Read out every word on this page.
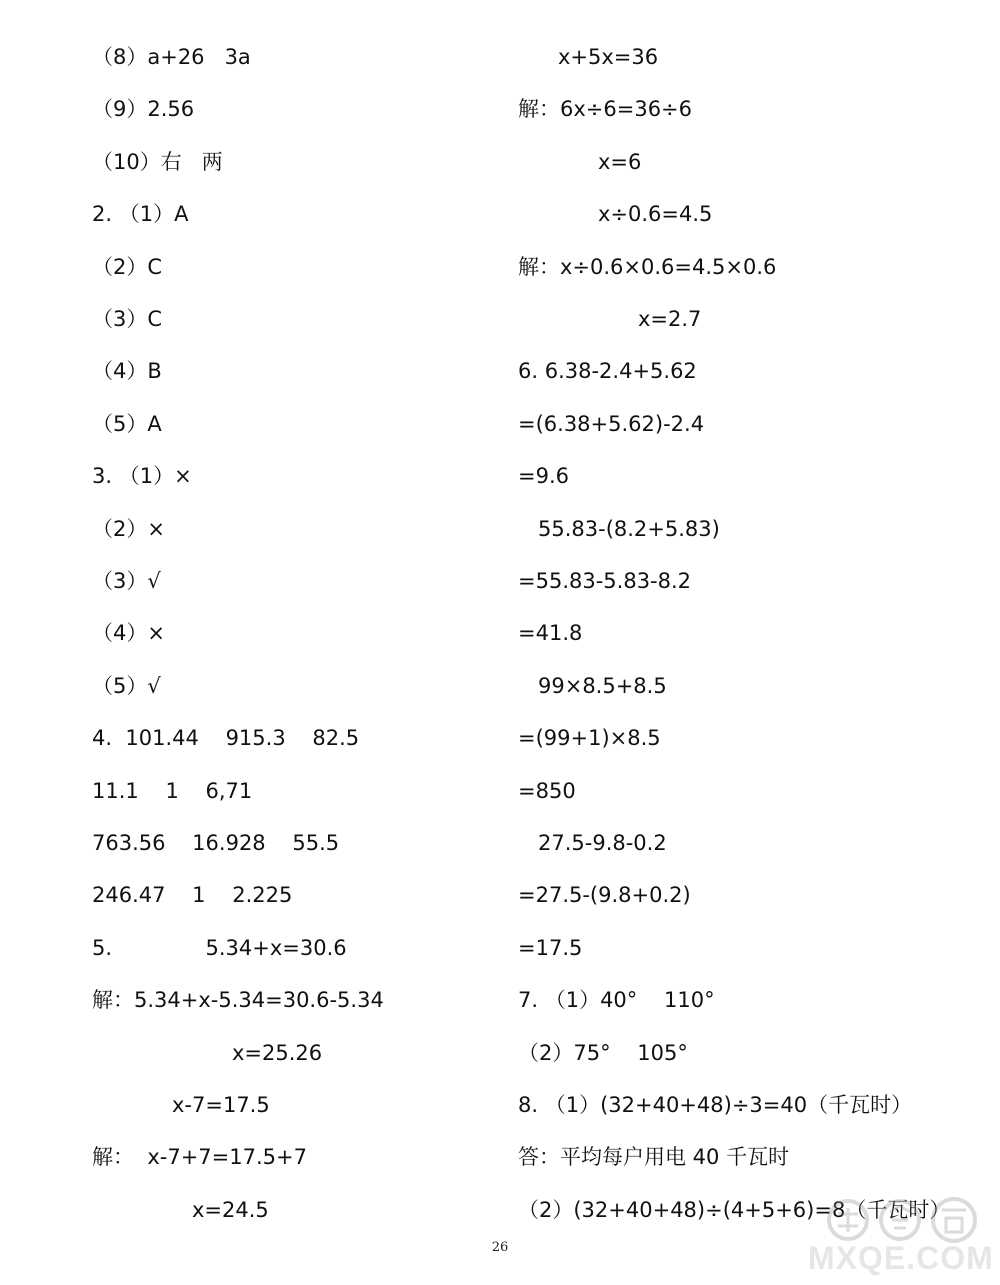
（8）a+26   3a
（9）2.56
（10）右   两
2. （1）A
（2）C
（3）C
（4）B
（5）A
3. （1）×
（2）×
（3）√
（4）×
（5）√
4.  101.44    915.3    82.5
11.1    1    6,71
763.56    16.928    55.5
246.47    1    2.225
5.              5.34+x=30.6
解：5.34+x-5.34=30.6-5.34
x=25.26
x-7=17.5
解：  x-7+7=17.5+7
x=24.5
x+5x=36
解：6x÷6=36÷6
x=6
x÷0.6=4.5
解：x÷0.6×0.6=4.5×0.6
x=2.7
6. 6.38-2.4+5.62
=(6.38+5.62)-2.4
=9.6
55.83-(8.2+5.83)
=55.83-5.83-8.2
=41.8
99×8.5+8.5
=(99+1)×8.5
=850
27.5-9.8-0.2
=27.5-(9.8+0.2)
=17.5
7. （1）40°    110°
（2）75°    105°
8. （1）(32+40+48)÷3=40（千瓦时）
答：平均每户用电 40 千瓦时
（2）(32+40+48)÷(4+5+6)=8（千瓦时）
26	MXQE.COM
